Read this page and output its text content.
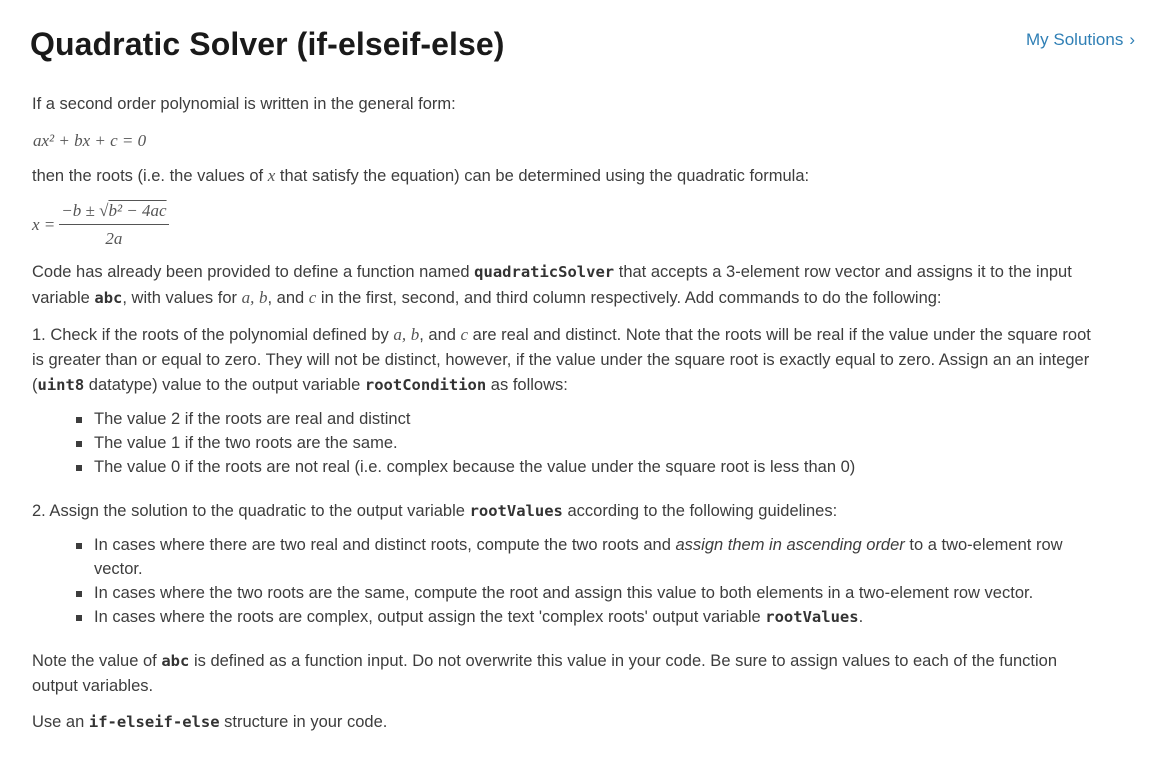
Quadratic Solver (if-elseif-else)	My Solutions ›

If a second order polynomial is written in the general form:

ax² + bx + c = 0

then the roots (i.e. the values of x that satisfy the equation) can be determined using the quadratic formula:

$x = \frac{\text{−b ± √b² − 4ac}}{2a}$

Code has already been provided to define a function named quadraticSolver that accepts a 3-element row vector and assigns it to the input variable abc, with values for a, b, and c in the first, second, and third column respectively. Add commands to do the following:

1. Check if the roots of the polynomial defined by a, b, and c are real and distinct. Note that the roots will be real if the value under the square root is greater than or equal to zero. They will not be distinct, however, if the value under the square root is exactly equal to zero. Assign an an integer (uint8 datatype) value to the output variable rootCondition as follows:

The value 2 if the roots are real and distinct
The value 1 if the two roots are the same.
The value 0 if the roots are not real (i.e. complex because the value under the square root is less than 0)

2. Assign the solution to the quadratic to the output variable rootValues according to the following guidelines:

In cases where there are two real and distinct roots, compute the two roots and assign them in ascending order to a two-element row vector.
In cases where the two roots are the same, compute the root and assign this value to both elements in a two-element row vector.
In cases where the roots are complex, output assign the text 'complex roots' output variable rootValues.

Note the value of abc is defined as a function input. Do not overwrite this value in your code. Be sure to assign values to each of the function output variables.

Use an if-elseif-else structure in your code.
